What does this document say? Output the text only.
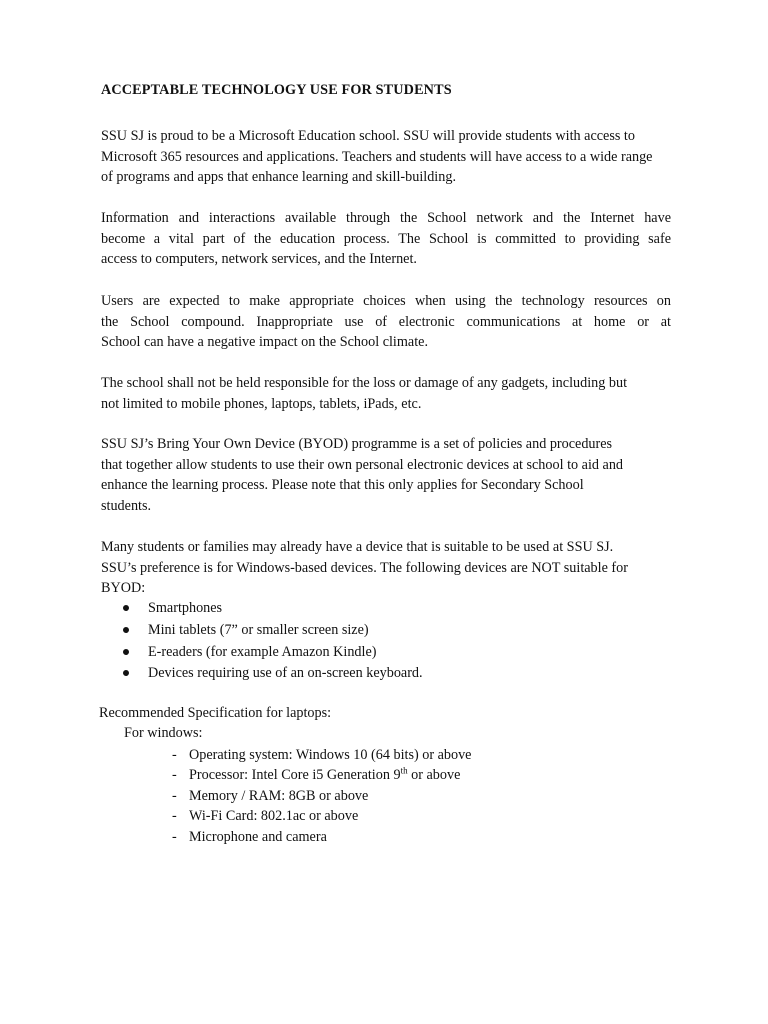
ACCEPTABLE TECHNOLOGY USE FOR STUDENTS

SSU SJ is proud to be a Microsoft Education school. SSU will provide students with access to
Microsoft 365 resources and applications. Teachers and students will have access to a wide range
of programs and apps that enhance learning and skill-building.

Information and interactions available through the School network and the Internet have
become a vital part of the education process. The School is committed to providing safe
access to computers, network services, and the Internet.

Users are expected to make appropriate choices when using the technology resources on
the School compound. Inappropriate use of electronic communications at home or at
School can have a negative impact on the School climate.

The school shall not be held responsible for the loss or damage of any gadgets, including but
not limited to mobile phones, laptops, tablets, iPads, etc.

SSU SJ’s Bring Your Own Device (BYOD) programme is a set of policies and procedures
that together allow students to use their own personal electronic devices at school to aid and
enhance the learning process. Please note that this only applies for Secondary School
students.

Many students or families may already have a device that is suitable to be used at SSU SJ.
SSU’s preference is for Windows-based devices. The following devices are NOT suitable for
BYOD:

Smartphones
Mini tablets (7” or smaller screen size)
E-readers (for example Amazon Kindle)
Devices requiring use of an on-screen keyboard.

Recommended Specification for laptops:

For windows:

- Operating system: Windows 10 (64 bits) or above
- Processor: Intel Core i5 Generation 9th or above
- Memory / RAM: 8GB or above
- Wi-Fi Card: 802.1ac or above
- Microphone and camera
